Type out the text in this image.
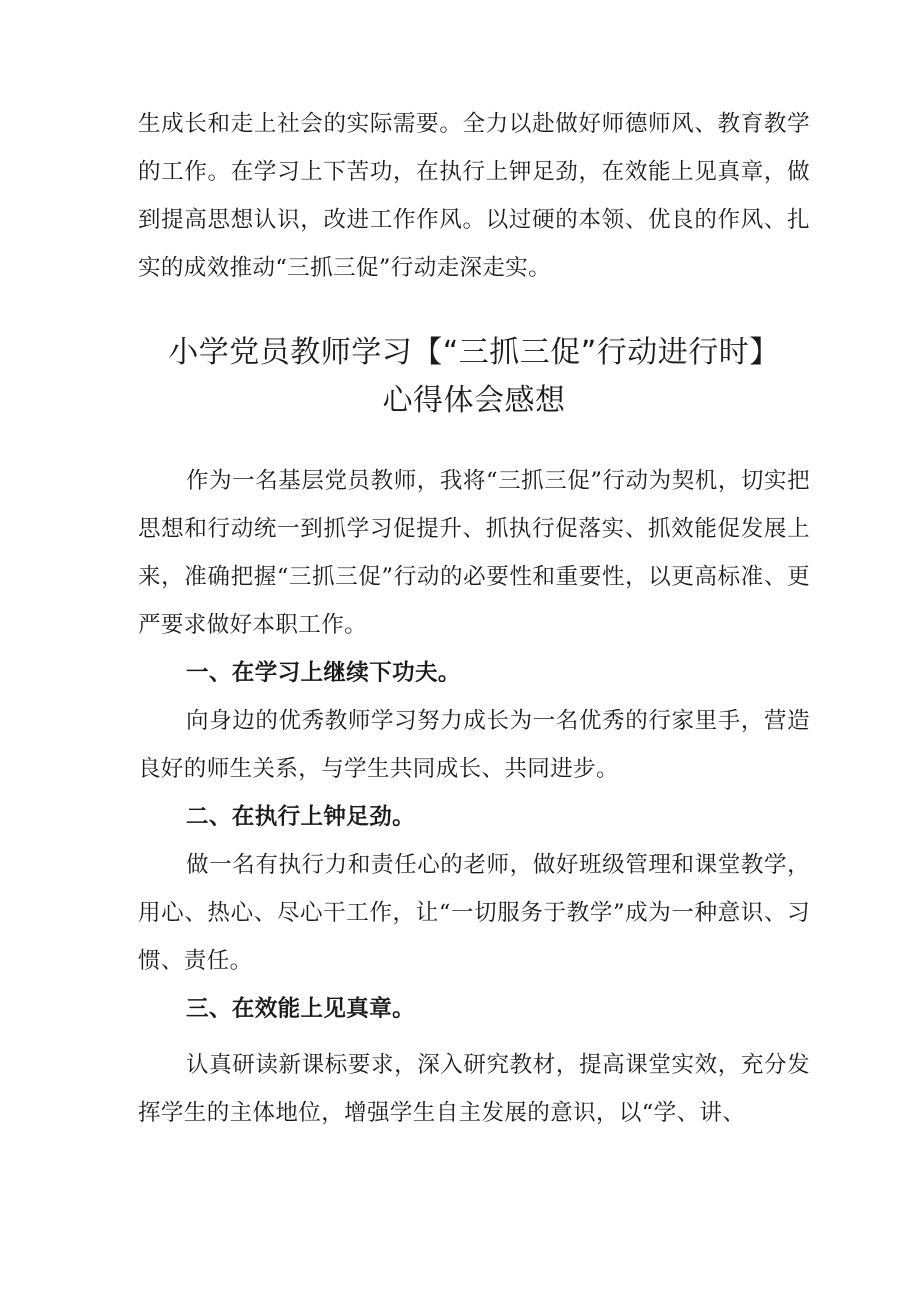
生成长和走上社会的实际需要。全力以赴做好师德师风、教育教学的工作。在学习上下苦功，在执行上钾足劲，在效能上见真章，做到提高思想认识，改进工作作风。以过硬的本领、优良的作风、扎实的成效推动“三抓三促”行动走深走实。

小学党员教师学习【“三抓三促”行动进行时】

心得体会感想

作为一名基层党员教师，我将“三抓三促”行动为契机，切实把思想和行动统一到抓学习促提升、抓执行促落实、抓效能促发展上来，准确把握“三抓三促”行动的必要性和重要性，以更高标准、更严要求做好本职工作。

一、在学习上继续下功夫。

向身边的优秀教师学习努力成长为一名优秀的行家里手，营造良好的师生关系，与学生共同成长、共同进步。

二、在执行上钟足劲。

做一名有执行力和责任心的老师，做好班级管理和课堂教学，用心、热心、尽心干工作，让“一切服务于教学”成为一种意识、习惯、责任。

三、在效能上见真章。

认真研读新课标要求，深入研究教材，提高课堂实效，充分发挥学生的主体地位，增强学生自主发展的意识，以“学、讲、
